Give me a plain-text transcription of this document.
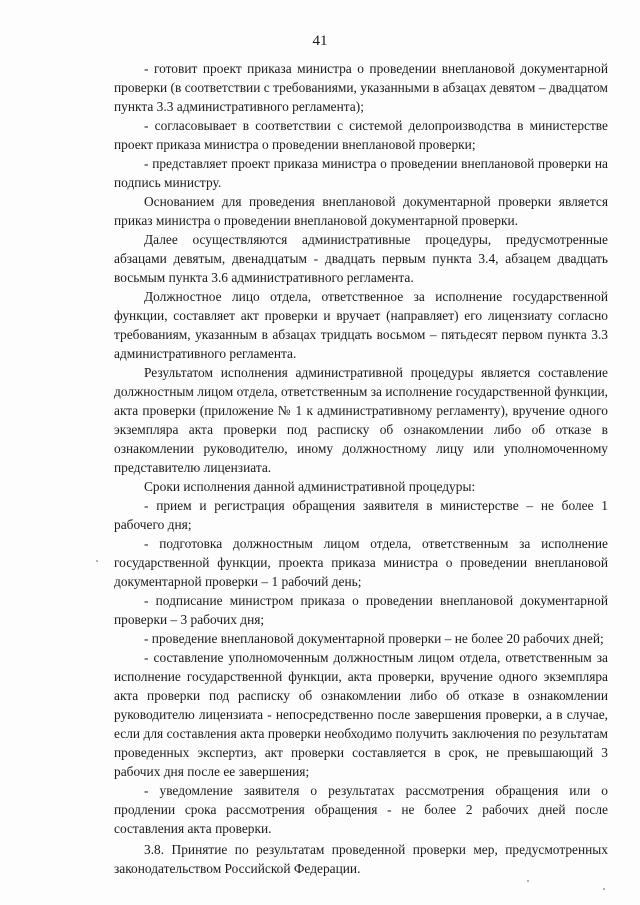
41

- готовит проект приказа министра о проведении внеплановой документарной проверки (в соответствии с требованиями, указанными в абзацах девятом – двадцатом пункта 3.3 административного регламента);

- согласовывает в соответствии с системой делопроизводства в министерстве проект приказа министра о проведении внеплановой проверки;

- представляет проект приказа министра о проведении внеплановой проверки на подпись министру.

Основанием для проведения внеплановой документарной проверки является приказ министра о проведении внеплановой документарной проверки.

Далее осуществляются административные процедуры, предусмотренные абзацами девятым, двенадцатым - двадцать первым пункта 3.4, абзацем двадцать восьмым пункта 3.6 административного регламента.

Должностное лицо отдела, ответственное за исполнение государственной функции, составляет акт проверки и вручает (направляет) его лицензиату согласно требованиям, указанным в абзацах тридцать восьмом – пятьдесят первом пункта 3.3 административного регламента.

Результатом исполнения административной процедуры является составление должностным лицом отдела, ответственным за исполнение государственной функции, акта проверки (приложение № 1 к административному регламенту), вручение одного экземпляра акта проверки под расписку об ознакомлении либо об отказе в ознакомлении руководителю, иному должностному лицу или уполномоченному представителю лицензиата.

Сроки исполнения данной административной процедуры:

- прием и регистрация обращения заявителя в министерстве – не более 1 рабочего дня;

- подготовка должностным лицом отдела, ответственным за исполнение государственной функции, проекта приказа министра о проведении внеплановой документарной проверки – 1 рабочий день;

- подписание министром приказа о проведении внеплановой документарной проверки – 3 рабочих дня;

- проведение внеплановой документарной проверки – не более 20 рабочих дней;

- составление уполномоченным должностным лицом отдела, ответственным за исполнение государственной функции, акта проверки, вручение одного экземпляра акта проверки под расписку об ознакомлении либо об отказе в ознакомлении руководителю лицензиата - непосредственно после завершения проверки, а в случае, если для составления акта проверки необходимо получить заключения по результатам проведенных экспертиз, акт проверки составляется в срок, не превышающий 3 рабочих дня после ее завершения;

- уведомление заявителя о результатах рассмотрения обращения или о продлении срока рассмотрения обращения - не более 2 рабочих дней после составления акта проверки.

3.8. Принятие по результатам проведенной проверки мер, предусмотренных законодательством Российской Федерации.
